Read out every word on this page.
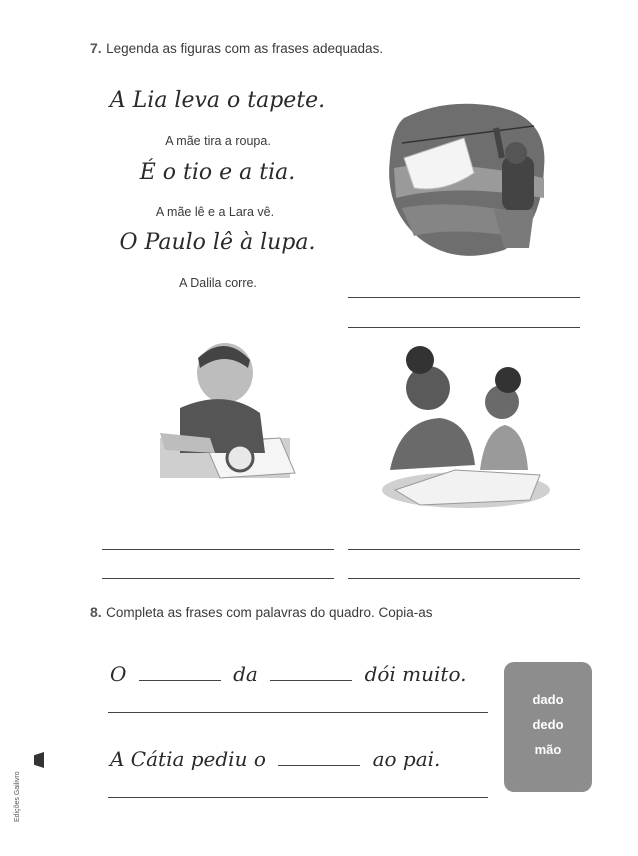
7. Legenda as figuras com as frases adequadas.
A Lia leva o tapete.
A mãe tira a roupa.
É o tio e a tia.
A mãe lê e a Lara vê.
O Paulo lê à lupa.
A Dalila corre.
8. Completa as frases com palavras do quadro. Copia-as
O	da	dói muito.
A Cátia pediu o	ao pai.
dado
dedo
mão
Edições Gailivro
